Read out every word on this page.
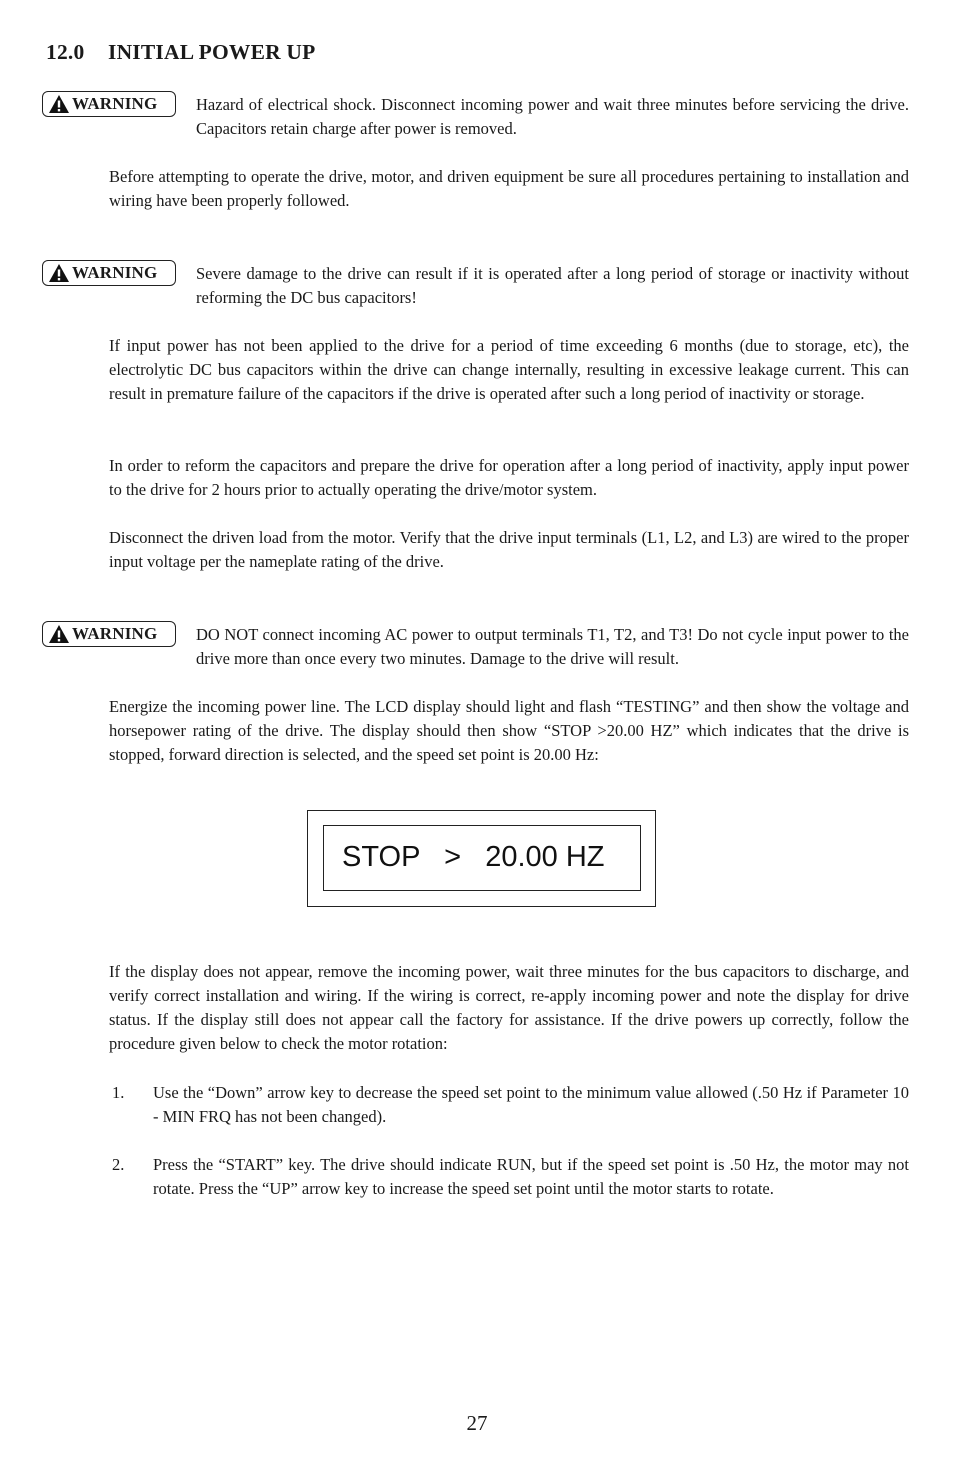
12.0 INITIAL POWER UP
WARNING Hazard of electrical shock. Disconnect incoming power and wait three minutes before servicing the drive. Capacitors retain charge after power is removed.
Before attempting to operate the drive, motor, and driven equipment be sure all procedures pertaining to installation and wiring have been properly followed.
WARNING Severe damage to the drive can result if it is operated after a long period of storage or inactivity without reforming the DC bus capacitors!
If input power has not been applied to the drive for a period of time exceeding 6 months (due to storage, etc), the electrolytic DC bus capacitors within the drive can change internally, resulting in excessive leakage current. This can result in premature failure of the capacitors if the drive is operated after such a long period of inactivity or storage.
In order to reform the capacitors and prepare the drive for operation after a long period of inactivity, apply input power to the drive for 2 hours prior to actually operating the drive/motor system.
Disconnect the driven load from the motor. Verify that the drive input terminals (L1, L2, and L3) are wired to the proper input voltage per the nameplate rating of the drive.
WARNING DO NOT connect incoming AC power to output terminals T1, T2, and T3! Do not cycle input power to the drive more than once every two minutes. Damage to the drive will result.
Energize the incoming power line. The LCD display should light and flash “TESTING” and then show the voltage and horsepower rating of the drive. The display should then show “STOP >20.00 HZ” which indicates that the drive is stopped, forward direction is selected, and the speed set point is 20.00 Hz:
STOP   >   20.00 HZ
If the display does not appear, remove the incoming power, wait three minutes for the bus capacitors to discharge, and verify correct installation and wiring. If the wiring is correct, re-apply incoming power and note the display for drive status. If the display still does not appear call the factory for assistance. If the drive powers up correctly, follow the procedure given below to check the motor rotation:
1. Use the “Down” arrow key to decrease the speed set point to the minimum value allowed (.50 Hz if Parameter 10 - MIN FRQ has not been changed).
2. Press the “START” key. The drive should indicate RUN, but if the speed set point is .50 Hz, the motor may not rotate. Press the “UP” arrow key to increase the speed set point until the motor starts to rotate.
27
